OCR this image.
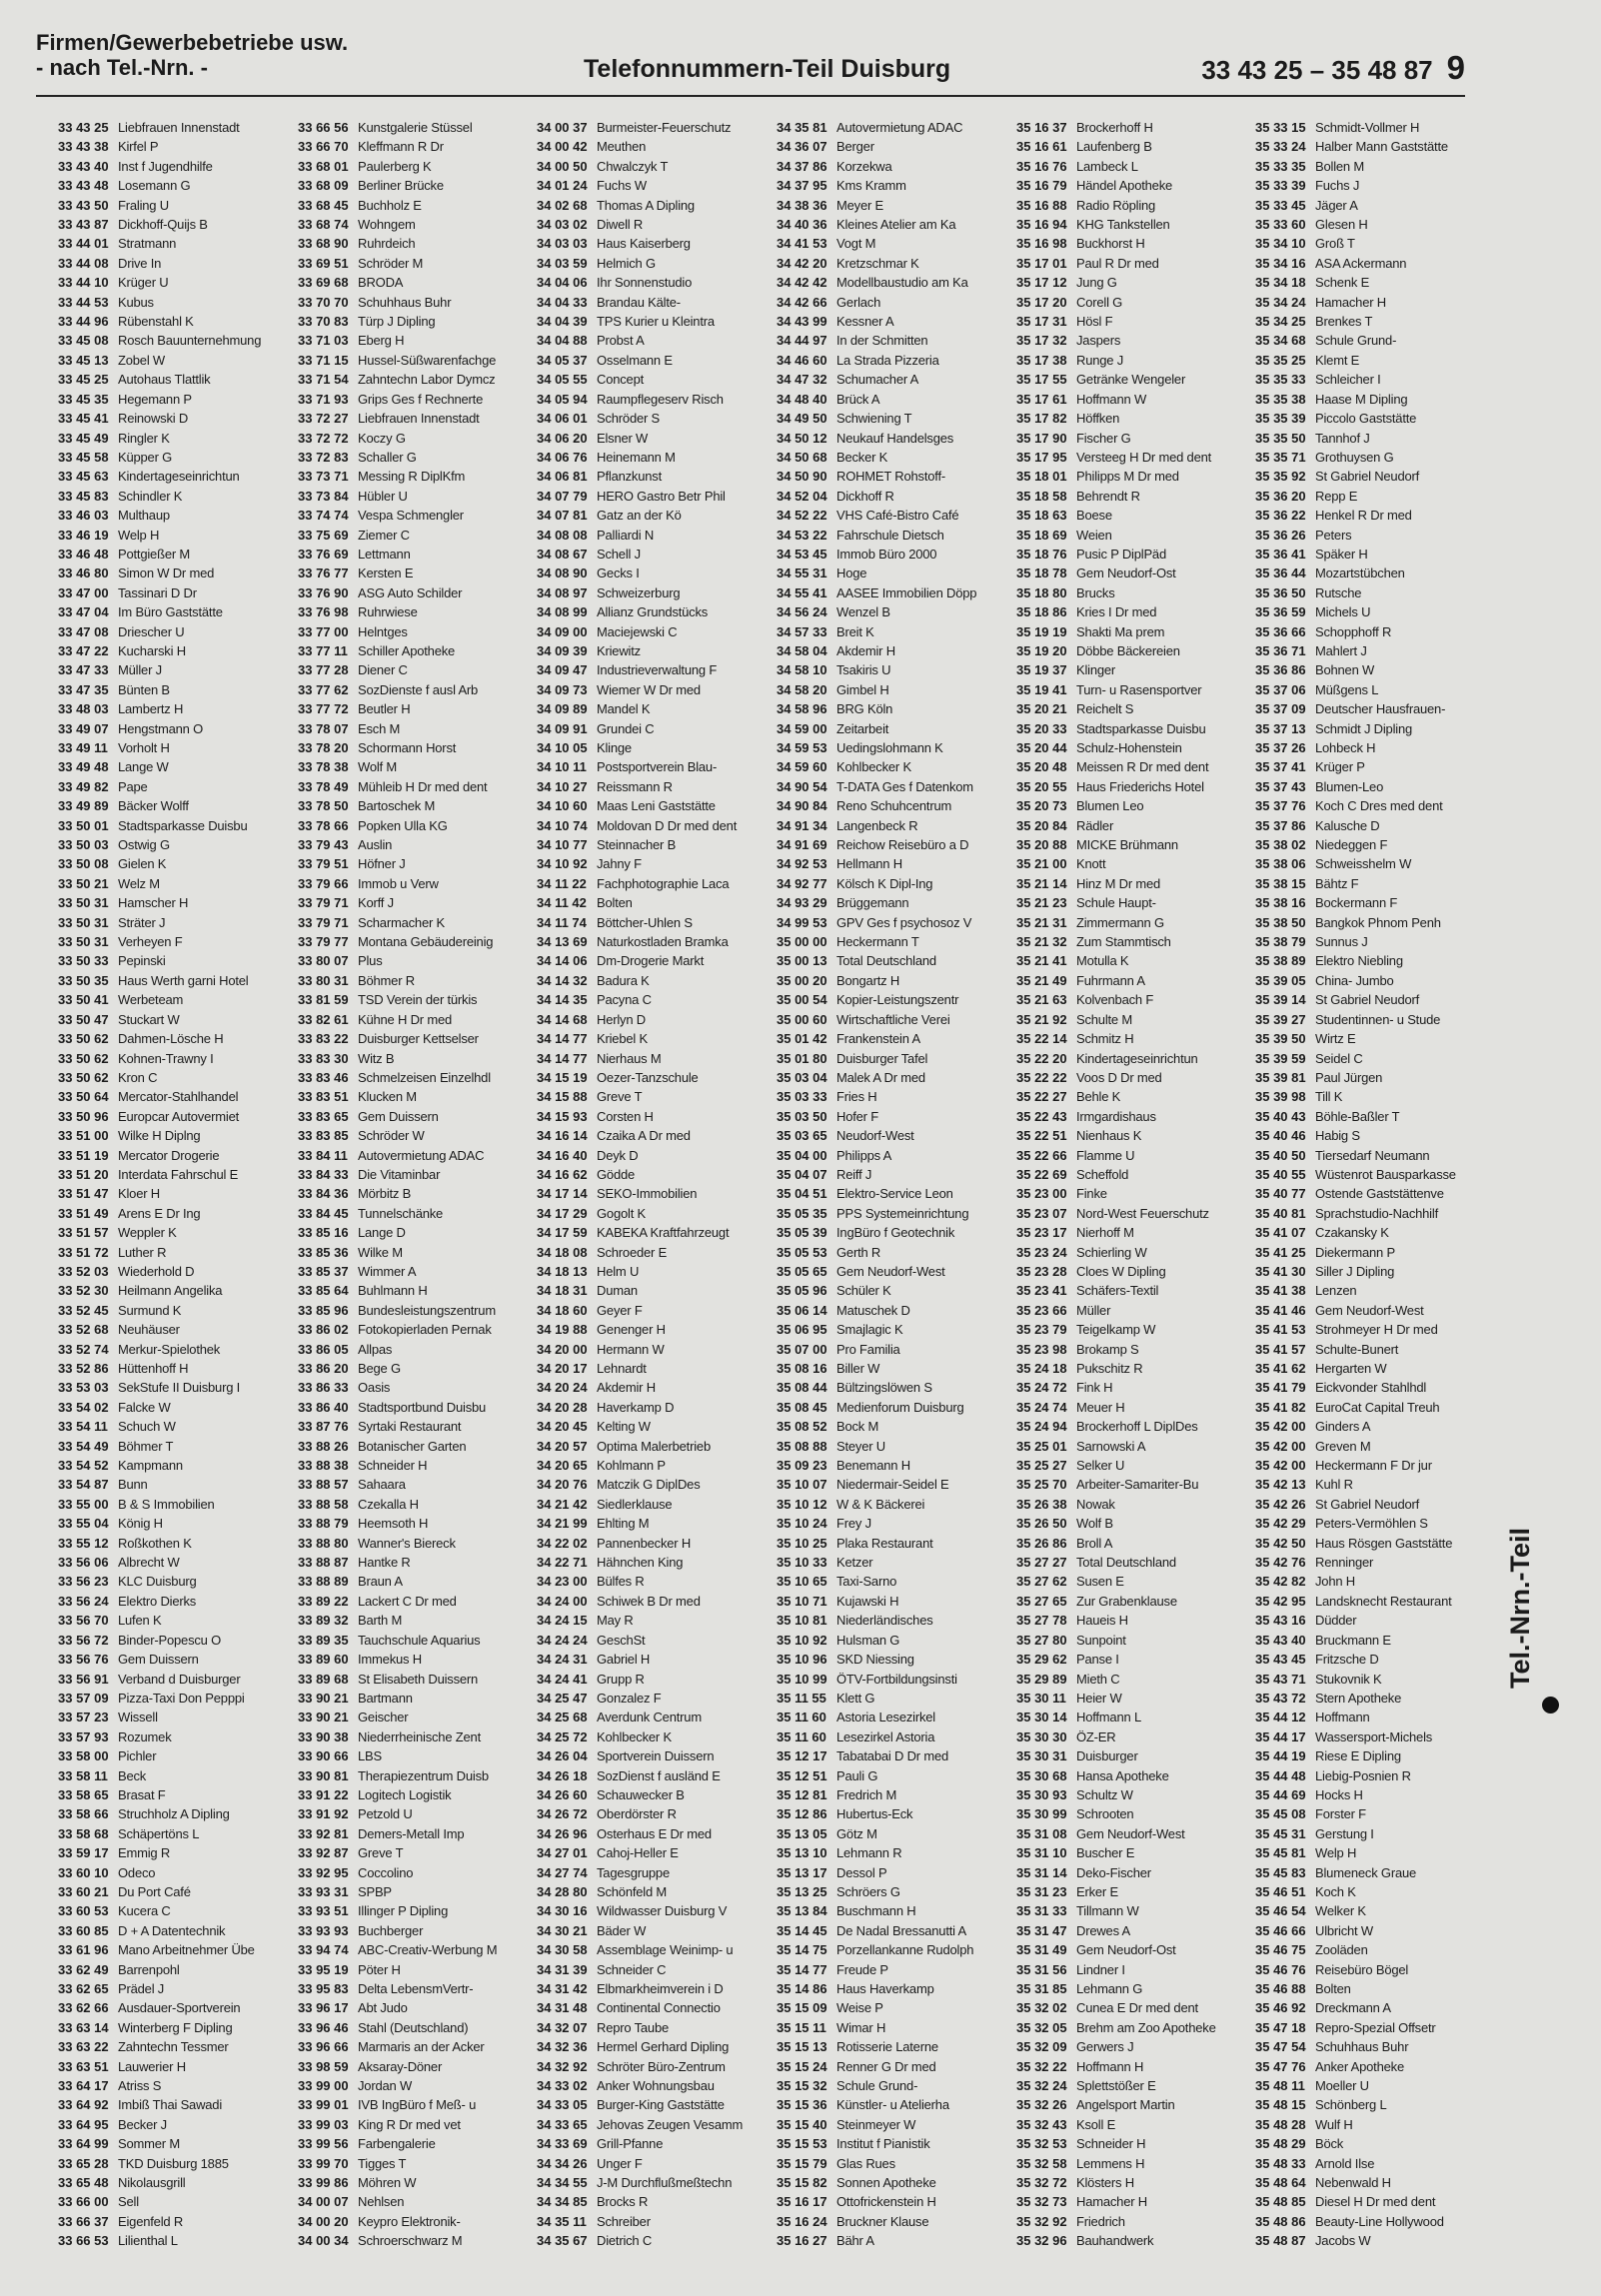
Firmen/Gewerbebetriebe usw.
- nach Tel.-Nrn. -	Telefonnummern-Teil Duisburg	33 43 25 – 35 48 87 9
33 43 25 Liebfrauen Innenstadt
33 43 38 Kirfel P
33 43 40 Inst f Jugendhilfe
33 43 48 Losemann G
33 43 50 Fraling U
33 43 87 Dickhoff-Quijs B
33 44 01 Stratmann
33 44 08 Drive In
33 44 10 Krüger U
33 44 53 Kubus
33 44 96 Rübenstahl K
33 45 08 Rosch Bauunternehmung
33 45 13 Zobel W
33 45 25 Autohaus Tlattlik
33 45 35 Hegemann P
33 45 41 Reinowski D
33 45 49 Ringler K
33 45 58 Küpper G
33 45 63 Kindertageseinrichtun
33 45 83 Schindler K
33 46 03 Multhaup
33 46 19 Welp H
33 46 48 Pottgießer M
33 46 80 Simon W Dr med
33 47 00 Tassinari D Dr
33 47 04 Im Büro Gaststätte
33 47 08 Driescher U
33 47 22 Kucharski H
33 47 33 Müller J
33 47 35 Bünten B
33 48 03 Lambertz H
33 49 07 Hengstmann O
33 49 11 Vorholt H
33 49 48 Lange W
33 49 82 Pape
33 49 89 Bäcker Wolff
33 50 01 Stadtsparkasse Duisbu
33 50 03 Ostwig G
33 50 08 Gielen K
33 50 21 Welz M
33 50 31 Hamscher H
33 50 31 Sträter J
33 50 31 Verheyen F
33 50 33 Pepinski
33 50 35 Haus Werth garni Hotel
33 50 41 Werbeteam
33 50 47 Stuckart W
33 50 62 Dahmen-Lösche H
33 50 62 Kohnen-Trawny I
33 50 62 Kron C
33 50 64 Mercator-Stahlhandel
33 50 96 Europcar Autovermiet
33 51 00 Wilke H Diplng
33 51 19 Mercator Drogerie
33 51 20 Interdata Fahrschul E
33 51 47 Kloer H
33 51 49 Arens E Dr Ing
33 51 57 Weppler K
33 51 72 Luther R
33 52 03 Wiederhold D
33 52 30 Heilmann Angelika
33 52 45 Surmund K
33 52 68 Neuhäuser
33 52 74 Merkur-Spielothek
33 52 86 Hüttenhoff H
33 53 03 SekStufe II Duisburg I
33 54 02 Falcke W
33 54 11 Schuch W
33 54 49 Böhmer T
33 54 52 Kampmann
33 54 87 Bunn
33 55 00 B & S Immobilien
33 55 04 König H
33 55 12 Roßkothen K
33 56 06 Albrecht W
33 56 23 KLC Duisburg
33 56 24 Elektro Dierks
33 56 70 Lufen K
33 56 72 Binder-Popescu O
33 56 76 Gem Duissern
33 56 91 Verband d Duisburger
33 57 09 Pizza-Taxi Don Pepppi
33 57 23 Wissell
33 57 93 Rozumek
33 58 00 Pichler
33 58 11 Beck
33 58 65 Brasat F
33 58 66 Struchholz A Dipling
33 58 68 Schäpertöns L
33 59 17 Emmig R
33 60 10 Odeco
33 60 21 Du Port Café
33 60 53 Kucera C
33 60 85 D + A Datentechnik
33 61 96 Mano Arbeitnehmer Übe
33 62 49 Barrenpohl
33 62 65 Prädel J
33 62 66 Ausdauer-Sportverein
33 63 14 Winterberg F Dipling
33 63 22 Zahntechn Tessmer
33 63 51 Lauwerier H
33 64 17 Atriss S
33 64 92 Imbiß Thai Sawadi
33 64 95 Becker J
33 64 99 Sommer M
33 65 28 TKD Duisburg 1885
33 65 48 Nikolausgrill
33 66 00 Sell
33 66 37 Eigenfeld R
33 66 53 Lilienthal L
33 66 56 Kunstgalerie Stüssel
33 66 70 Kleffmann R Dr
33 68 01 Paulerberg K
33 68 09 Berliner Brücke
33 68 45 Buchholz E
33 68 74 Wohngem
33 68 90 Ruhrdeich
33 69 51 Schröder M
33 69 68 BRODA
33 70 70 Schuhhaus Buhr
33 70 83 Türp J Dipling
33 71 03 Eberg H
33 71 15 Hussel-Süßwarenfachge
33 71 54 Zahntechn Labor Dymcz
33 71 93 Grips Ges f Rechnerte
33 72 27 Liebfrauen Innenstadt
33 72 72 Koczy G
33 72 83 Schaller G
33 73 71 Messing R DiplKfm
33 73 84 Hübler U
33 74 74 Vespa Schmengler
33 75 69 Ziemer C
33 76 69 Lettmann
33 76 77 Kersten E
33 76 90 ASG Auto Schilder
33 76 98 Ruhrwiese
33 77 00 Helntges
33 77 11 Schiller Apotheke
33 77 28 Diener C
33 77 62 SozDienste f ausl Arb
33 77 72 Beutler H
33 78 07 Esch M
33 78 20 Schormann Horst
33 78 38 Wolf M
33 78 49 Mühleib H Dr med dent
33 78 50 Bartoschek M
33 78 66 Popken Ulla KG
33 79 43 Auslin
33 79 51 Höfner J
33 79 66 Immob u Verw
33 79 71 Korff J
33 79 71 Scharmacher K
33 79 77 Montana Gebäudereinig
33 80 07 Plus
33 80 31 Böhmer R
33 81 59 TSD Verein der türkis
33 82 61 Kühne H Dr med
33 83 22 Duisburger Kettselser
33 83 30 Witz B
33 83 46 Schmelzeisen Einzelhdl
33 83 51 Klucken M
33 83 65 Gem Duissern
33 83 85 Schröder W
33 84 11 Autovermietung ADAC
33 84 33 Die Vitaminbar
33 84 36 Mörbitz B
33 84 45 Tunnelschänke
33 85 16 Lange D
33 85 36 Wilke M
33 85 37 Wimmer A
33 85 64 Buhlmann H
33 85 96 Bundesleistungszentrum
33 86 02 Fotokopierladen Pernak
33 86 05 Allpas
33 86 20 Bege G
33 86 33 Oasis
33 86 40 Stadtsportbund Duisbu
33 87 76 Syrtaki Restaurant
33 88 26 Botanischer Garten
33 88 38 Schneider H
33 88 57 Sahaara
33 88 58 Czekalla H
33 88 79 Heemsoth H
33 88 80 Wanner's Biereck
33 88 87 Hantke R
33 88 89 Braun A
33 89 22 Lackert C Dr med
33 89 32 Barth M
33 89 35 Tauchschule Aquarius
33 89 60 Immekus H
33 89 68 St Elisabeth Duissern
33 90 21 Bartmann
33 90 21 Geischer
33 90 38 Niederrheinische Zent
33 90 66 LBS
33 90 81 Therapiezentrum Duisb
33 91 22 Logitech Logistik
33 91 92 Petzold U
33 92 81 Demers-Metall Imp
33 92 87 Greve T
33 92 95 Coccolino
33 93 31 SPBP
33 93 51 Illinger P Dipling
33 93 93 Buchberger
33 94 74 ABC-Creativ-Werbung M
33 95 19 Pöter H
33 95 83 Delta LebensmVertr-
33 96 17 Abt Judo
33 96 46 Stahl (Deutschland)
33 96 66 Marmaris an der Acker
33 98 59 Aksaray-Döner
33 99 00 Jordan W
33 99 01 IVB IngBüro f Meß- u
33 99 03 King R Dr med vet
33 99 56 Farbengalerie
33 99 70 Tigges T
33 99 86 Möhren W
34 00 07 Nehlsen
34 00 20 Keypro Elektronik-
34 00 34 Schroerschwarz M
34 00 37 Burmeister-Feuerschutz
34 00 42 Meuthen
34 00 50 Chwalczyk T
34 01 24 Fuchs W
34 02 68 Thomas A Dipling
34 03 02 Diwell R
34 03 03 Haus Kaiserberg
34 03 59 Helmich G
34 04 06 Ihr Sonnenstudio
34 04 33 Brandau Kälte-
34 04 39 TPS Kurier u Kleintra
34 04 88 Probst A
34 05 37 Osselmann E
34 05 55 Concept
34 05 94 Raumpflegeserv Risch
34 06 01 Schröder S
34 06 20 Elsner W
34 06 76 Heinemann M
34 06 81 Pflanzkunst
34 07 79 HERO Gastro Betr Phil
34 07 81 Gatz an der Kö
34 08 08 Palliardi N
34 08 67 Schell J
34 08 90 Gecks I
34 08 97 Schweizerburg
34 08 99 Allianz Grundstücks
34 09 00 Maciejewski C
34 09 39 Kriewitz
34 09 47 Industrieverwaltung F
34 09 73 Wiemer W Dr med
34 09 89 Mandel K
34 09 91 Grundei C
34 10 05 Klinge
34 10 11 Postsportverein Blau-
34 10 27 Reissmann R
34 10 60 Maas Leni Gaststätte
34 10 74 Moldovan D Dr med dent
34 10 77 Steinnacher B
34 10 92 Jahny F
34 11 22 Fachphotographie Laca
34 11 42 Bolten
34 11 74 Böttcher-Uhlen S
34 13 69 Naturkostladen Bramka
34 14 06 Dm-Drogerie Markt
34 14 32 Badura K
34 14 35 Pacyna C
34 14 68 Herlyn D
34 14 77 Kriebel K
34 14 77 Nierhaus M
34 15 19 Oezer-Tanzschule
34 15 88 Greve T
34 15 93 Corsten H
34 16 14 Czaika A Dr med
34 16 40 Deyk D
34 16 62 Gödde
34 17 14 SEKO-Immobilien
34 17 29 Gogolt K
34 17 59 KABEKA Kraftfahrzeugt
34 18 08 Schroeder E
34 18 13 Helm U
34 18 31 Duman
34 18 60 Geyer F
34 19 88 Genenger H
34 20 00 Hermann W
34 20 17 Lehnardt
34 20 24 Akdemir H
34 20 28 Haverkamp D
34 20 45 Kelting W
34 20 57 Optima Malerbetrieb
34 20 65 Kohlmann P
34 20 76 Matczik G DiplDes
34 21 42 Siedlerklause
34 21 99 Ehlting M
34 22 02 Pannenbecker H
34 22 71 Hähnchen King
34 23 00 Bülfes R
34 24 00 Schiwek B Dr med
34 24 15 May R
34 24 24 GeschSt
34 24 31 Gabriel H
34 24 41 Grupp R
34 25 47 Gonzalez F
34 25 68 Averdunk Centrum
34 25 72 Kohlbecker K
34 26 04 Sportverein Duissern
34 26 18 SozDienst f ausländ E
34 26 60 Schauwecker B
34 26 72 Oberdörster R
34 26 96 Osterhaus E Dr med
34 27 01 Cahoj-Heller E
34 27 74 Tagesgruppe
34 28 80 Schönfeld M
34 30 16 Wildwasser Duisburg V
34 30 21 Bäder W
34 30 58 Assemblage Weinimp- u
34 31 39 Schneider C
34 31 42 Elbmarkheimverein i D
34 31 48 Continental Connectio
34 32 07 Repro Taube
34 32 36 Hermel Gerhard Dipling
34 32 92 Schröter Büro-Zentrum
34 33 02 Anker Wohnungsbau
34 33 05 Burger-King Gaststätte
34 33 65 Jehovas Zeugen Vesamm
34 33 69 Grill-Pfanne
34 34 26 Unger F
34 34 55 J-M Durchflußmeßtechn
34 34 85 Brocks R
34 35 11 Schreiber
34 35 67 Dietrich C
34 35 81 Autovermietung ADAC
34 36 07 Berger
34 37 86 Korzekwa
34 37 95 Kms Kramm
34 38 36 Meyer E
34 40 36 Kleines Atelier am Ka
34 41 53 Vogt M
34 42 20 Kretzschmar K
34 42 42 Modellbaustudio am Ka
34 42 66 Gerlach
34 43 99 Kessner A
34 44 97 In der Schmitten
34 46 60 La Strada Pizzeria
34 47 32 Schumacher A
34 48 40 Brück A
34 49 50 Schwiening T
34 50 12 Neukauf Handelsges
34 50 68 Becker K
34 50 90 ROHMET Rohstoff-
34 52 04 Dickhoff R
34 52 22 VHS Café-Bistro Café
34 53 22 Fahrschule Dietsch
34 53 45 Immob Büro 2000
34 55 31 Hoge
34 55 41 AASEE Immobilien Döpp
34 56 24 Wenzel B
34 57 33 Breit K
34 58 04 Akdemir H
34 58 10 Tsakiris U
34 58 20 Gimbel H
34 58 96 BRG Köln
34 59 00 Zeitarbeit
34 59 53 Uedingslohmann K
34 59 60 Kohlbecker K
34 90 54 T-DATA Ges f Datenkom
34 90 84 Reno Schuhcentrum
34 91 34 Langenbeck R
34 91 69 Reichow Reisebüro a D
34 92 53 Hellmann H
34 92 77 Kölsch K Dipl-Ing
34 93 29 Brüggemann
34 99 53 GPV Ges f psychosoz V
35 00 00 Heckermann T
35 00 13 Total Deutschland
35 00 20 Bongartz H
35 00 54 Kopier-Leistungszentr
35 00 60 Wirtschaftliche Verei
35 01 42 Frankenstein A
35 01 80 Duisburger Tafel
35 03 04 Malek A Dr med
35 03 33 Fries H
35 03 50 Hofer F
35 03 65 Neudorf-West
35 04 00 Philipps A
35 04 07 Reiff J
35 04 51 Elektro-Service Leon
35 05 35 PPS Systemeinrichtung
35 05 39 IngBüro f Geotechnik
35 05 53 Gerth R
35 05 65 Gem Neudorf-West
35 05 96 Schüler K
35 06 14 Matuschek D
35 06 95 Smajlagic K
35 07 00 Pro Familia
35 08 16 Biller W
35 08 44 Bültzingslöwen S
35 08 45 Medienforum Duisburg
35 08 52 Bock M
35 08 88 Steyer U
35 09 23 Benemann H
35 10 07 Niedermair-Seidel E
35 10 12 W & K Bäckerei
35 10 24 Frey J
35 10 25 Plaka Restaurant
35 10 33 Ketzer
35 10 65 Taxi-Sarno
35 10 71 Kujawski H
35 10 81 Niederländisches
35 10 92 Hulsman G
35 10 96 SKD Niessing
35 10 99 ÖTV-Fortbildungsinsti
35 11 55 Klett G
35 11 60 Astoria Lesezirkel
35 11 60 Lesezirkel Astoria
35 12 17 Tabatabai D Dr med
35 12 51 Pauli G
35 12 81 Fredrich M
35 12 86 Hubertus-Eck
35 13 05 Götz M
35 13 10 Lehmann R
35 13 17 Dessol P
35 13 25 Schröers G
35 13 84 Buschmann H
35 14 45 De Nadal Bressanutti A
35 14 75 Porzellankanne Rudolph
35 14 77 Freude P
35 14 86 Haus Haverkamp
35 15 09 Weise P
35 15 11 Wimar H
35 15 13 Rotisserie Laterne
35 15 24 Renner G Dr med
35 15 32 Schule Grund-
35 15 36 Künstler- u Atelierha
35 15 40 Steinmeyer W
35 15 53 Institut f Pianistik
35 15 79 Glas Rues
35 15 82 Sonnen Apotheke
35 16 17 Ottofrickenstein H
35 16 24 Bruckner Klause
35 16 27 Bähr A
35 16 37 Brockerhoff H
35 16 61 Laufenberg B
35 16 76 Lambeck L
35 16 79 Händel Apotheke
35 16 88 Radio Röpling
35 16 94 KHG Tankstellen
35 16 98 Buckhorst H
35 17 01 Paul R Dr med
35 17 12 Jung G
35 17 20 Corell G
35 17 31 Hösl F
35 17 32 Jaspers
35 17 38 Runge J
35 17 55 Getränke Wengeler
35 17 61 Hoffmann W
35 17 82 Höffken
35 17 90 Fischer G
35 17 95 Versteeg H Dr med dent
35 18 01 Philipps M Dr med
35 18 58 Behrendt R
35 18 63 Boese
35 18 69 Weien
35 18 76 Pusic P DiplPäd
35 18 78 Gem Neudorf-Ost
35 18 80 Brucks
35 18 86 Kries I Dr med
35 19 19 Shakti Ma prem
35 19 20 Döbbe Bäckereien
35 19 37 Klinger
35 19 41 Turn- u Rasensportver
35 20 21 Reichelt S
35 20 33 Stadtsparkasse Duisbu
35 20 44 Schulz-Hohenstein
35 20 48 Meissen R Dr med dent
35 20 55 Haus Friederichs Hotel
35 20 73 Blumen Leo
35 20 84 Rädler
35 20 88 MICKE Brühmann
35 21 00 Knott
35 21 14 Hinz M Dr med
35 21 23 Schule Haupt-
35 21 31 Zimmermann G
35 21 32 Zum Stammtisch
35 21 41 Motulla K
35 21 49 Fuhrmann A
35 21 63 Kolvenbach F
35 21 92 Schulte M
35 22 14 Schmitz H
35 22 20 Kindertageseinrichtun
35 22 22 Voos D Dr med
35 22 27 Behle K
35 22 43 Irmgardishaus
35 22 51 Nienhaus K
35 22 66 Flamme U
35 22 69 Scheffold
35 23 00 Finke
35 23 07 Nord-West Feuerschutz
35 23 17 Nierhoff M
35 23 24 Schierling W
35 23 28 Cloes W Dipling
35 23 41 Schäfers-Textil
35 23 66 Müller
35 23 79 Teigelkamp W
35 23 98 Brokamp S
35 24 18 Pukschitz R
35 24 72 Fink H
35 24 74 Meuer H
35 24 94 Brockerhoff L DiplDes
35 25 01 Sarnowski A
35 25 27 Selker U
35 25 70 Arbeiter-Samariter-Bu
35 26 38 Nowak
35 26 50 Wolf B
35 26 86 Broll A
35 27 27 Total Deutschland
35 27 62 Susen E
35 27 65 Zur Grabenklause
35 27 78 Haueis H
35 27 80 Sunpoint
35 29 62 Panse I
35 29 89 Mieth C
35 30 11 Heier W
35 30 14 Hoffmann L
35 30 30 ÖZ-ER
35 30 31 Duisburger
35 30 68 Hansa Apotheke
35 30 93 Schultz W
35 30 99 Schrooten
35 31 08 Gem Neudorf-West
35 31 10 Buscher E
35 31 14 Deko-Fischer
35 31 23 Erker E
35 31 33 Tillmann W
35 31 47 Drewes A
35 31 49 Gem Neudorf-Ost
35 31 56 Lindner I
35 31 85 Lehmann G
35 32 02 Cunea E Dr med dent
35 32 05 Brehm am Zoo Apotheke
35 32 09 Gerwers J
35 32 22 Hoffmann H
35 32 24 Splettstößer E
35 32 26 Angelsport Martin
35 32 43 Ksoll E
35 32 53 Schneider H
35 32 58 Lemmens H
35 32 72 Klösters H
35 32 73 Hamacher H
35 32 92 Friedrich
35 32 96 Bauhandwerk
35 33 15 Schmidt-Vollmer H
35 33 24 Halber Mann Gaststätte
35 33 35 Bollen M
35 33 39 Fuchs J
35 33 45 Jäger A
35 33 60 Glesen H
35 34 10 Groß T
35 34 16 ASA Ackermann
35 34 18 Schenk E
35 34 24 Hamacher H
35 34 25 Brenkes T
35 34 68 Schule Grund-
35 35 25 Klemt E
35 35 33 Schleicher I
35 35 38 Haase M Dipling
35 35 39 Piccolo Gaststätte
35 35 50 Tannhof J
35 35 71 Grothuysen G
35 35 92 St Gabriel Neudorf
35 36 20 Repp E
35 36 22 Henkel R Dr med
35 36 26 Peters
35 36 41 Späker H
35 36 44 Mozartstübchen
35 36 50 Rutsche
35 36 59 Michels U
35 36 66 Schopphoff R
35 36 71 Mahlert J
35 36 86 Bohnen W
35 37 06 Müßgens L
35 37 09 Deutscher Hausfrauen-
35 37 13 Schmidt J Dipling
35 37 26 Lohbeck H
35 37 41 Krüger P
35 37 43 Blumen-Leo
35 37 76 Koch C Dres med dent
35 37 86 Kalusche D
35 38 02 Niedeggen F
35 38 06 Schweisshelm W
35 38 15 Bähtz F
35 38 16 Bockermann F
35 38 50 Bangkok Phnom Penh
35 38 79 Sunnus J
35 38 89 Elektro Niebling
35 39 05 China- Jumbo
35 39 14 St Gabriel Neudorf
35 39 27 Studentinnen- u Stude
35 39 50 Wirtz E
35 39 59 Seidel C
35 39 81 Paul Jürgen
35 39 98 Till K
35 40 43 Böhle-Baßler T
35 40 46 Habig S
35 40 50 Tiersedarf Neumann
35 40 55 Wüstenrot Bausparkasse
35 40 77 Ostende Gaststättenve
35 40 81 Sprachstudio-Nachhilf
35 41 07 Czakansky K
35 41 25 Diekermann P
35 41 30 Siller J Dipling
35 41 38 Lenzen
35 41 46 Gem Neudorf-West
35 41 53 Strohmeyer H Dr med
35 41 57 Schulte-Bunert
35 41 62 Hergarten W
35 41 79 Eickvonder Stahlhdl
35 41 82 EuroCat Capital Treuh
35 42 00 Ginders A
35 42 00 Greven M
35 42 00 Heckermann F Dr jur
35 42 13 Kuhl R
35 42 26 St Gabriel Neudorf
35 42 29 Peters-Vermöhlen S
35 42 50 Haus Rösgen Gaststätte
35 42 76 Renninger
35 42 82 John H
35 42 95 Landsknecht Restaurant
35 43 16 Düdder
35 43 40 Bruckmann E
35 43 45 Fritzsche D
35 43 71 Stukovnik K
35 43 72 Stern Apotheke
35 44 12 Hoffmann
35 44 17 Wassersport-Michels
35 44 19 Riese E Dipling
35 44 48 Liebig-Posnien R
35 44 69 Hocks H
35 45 08 Forster F
35 45 31 Gerstung I
35 45 81 Welp H
35 45 83 Blumeneck Graue
35 46 51 Koch K
35 46 54 Welker K
35 46 66 Ulbricht W
35 46 75 Zooläden
35 46 76 Reisebüro Bögel
35 46 88 Bolten
35 46 92 Dreckmann A
35 47 18 Repro-Spezial Offsetr
35 47 54 Schuhhaus Buhr
35 47 76 Anker Apotheke
35 48 11 Moeller U
35 48 15 Schönberg L
35 48 28 Wulf H
35 48 29 Böck
35 48 33 Arnold Ilse
35 48 64 Nebenwald H
35 48 85 Diesel H Dr med dent
35 48 86 Beauty-Line Hollywood
35 48 87 Jacobs W
Tel.-Nrn.-Teil
